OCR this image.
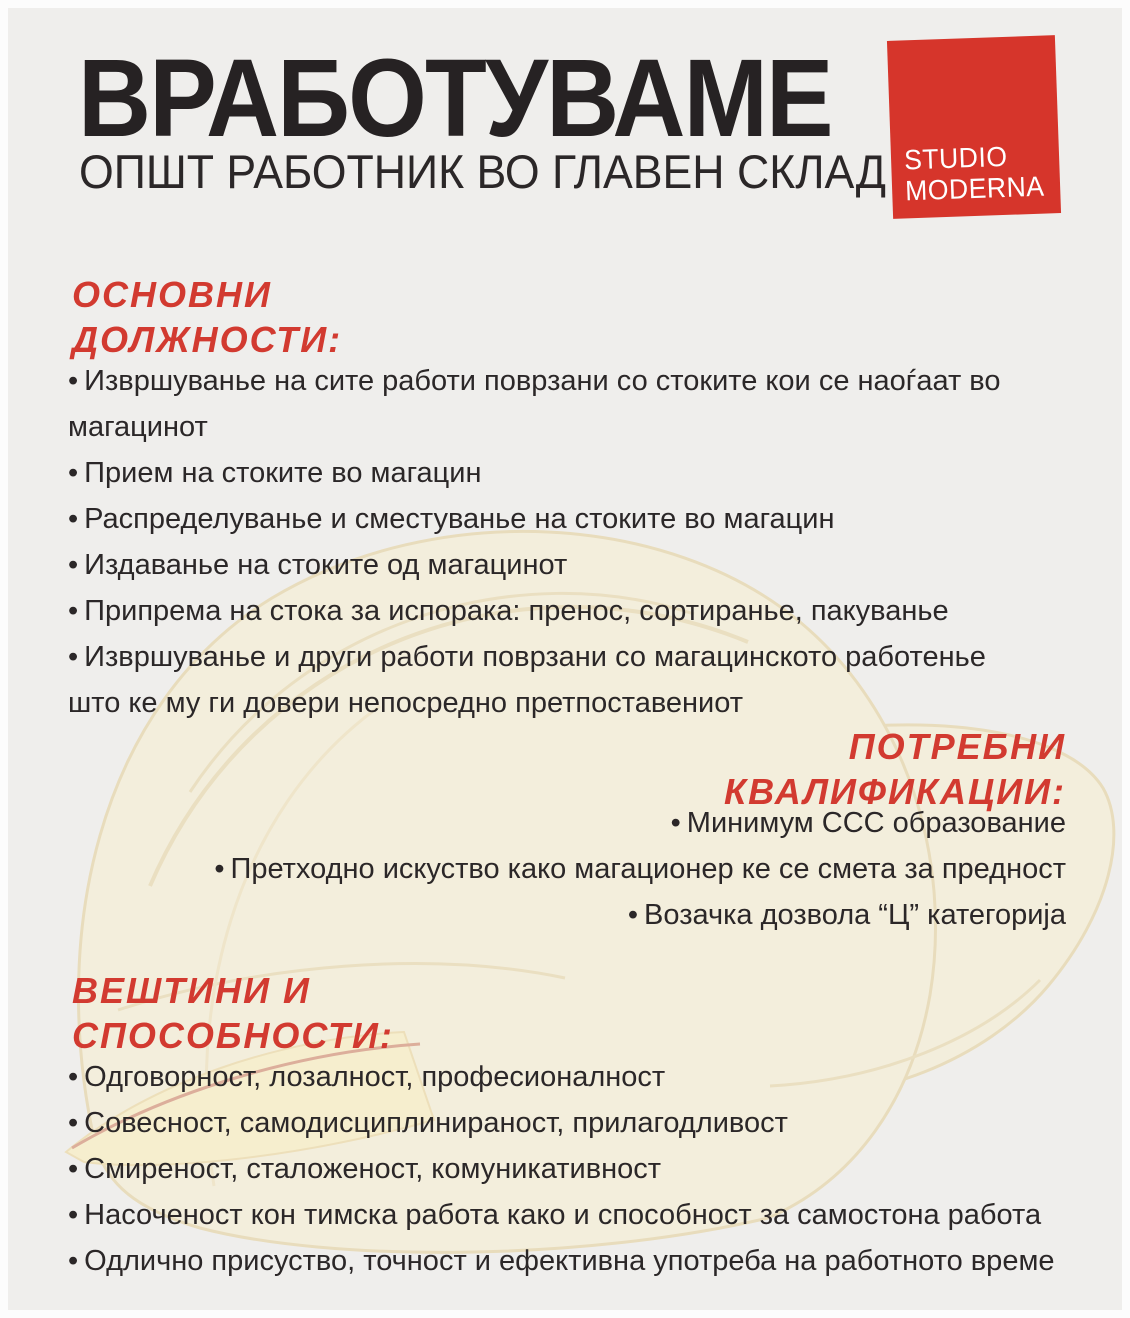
ВРАБОТУВАМЕ
ОПШТ РАБОТНИК ВО ГЛАВЕН СКЛАД STUDIO
MODERNA
ОСНОВНИ
ДОЛЖНОСТИ:
• Извршуванье на сите работи поврзани со стоките кои се наоѓаат во магацинот
• Прием на стоките во магацин
• Распределуванье и сместуванье на стоките во магацин
• Издаванье на стоките од магацинот
• Припрема на стока за испорака: пренос, сортиранье, пакуванье
• Извршуванье и други работи поврзани со магацинското работенье што ке му ги довери непосредно претпоставениот
ПОТРЕБНИ
КВАЛИФИКАЦИИ:
• Минимум ССС образование
• Претходно искуство како магационер ке се смета за предност
• Возачка дозвола “Ц” категорија
ВЕШТИНИ И
СПОСОБНОСТИ:
• Одговорност, лозалност, професионалност
• Совесност, самодисциплинираност, прилагодливост
• Смиреност, сталоженост, комуникативност
• Насоченост кон тимска работа како и способност за самостона работа
• Одлично присуство, точност и ефективна употреба на работното време
